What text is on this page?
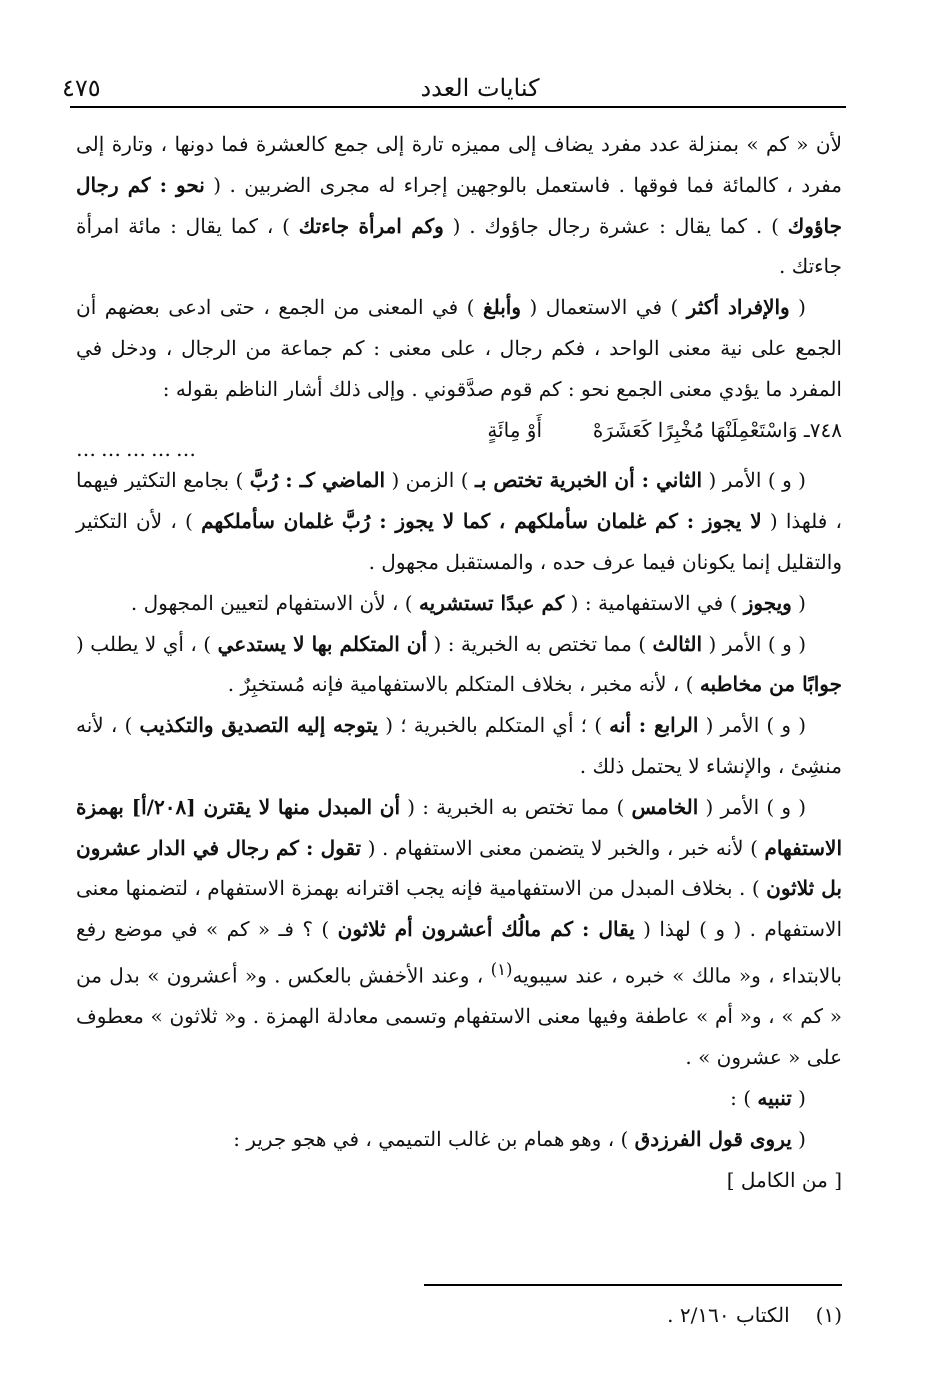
٤٧٥	كنايات العدد

لأن « كم » بمنزلة عدد مفرد يضاف إلى مميزه تارة إلى جمع كالعشرة فما دونها ، وتارة إلى مفرد ، كالمائة فما فوقها . فاستعمل بالوجهين إجراء له مجرى الضربين . ( نحو : كم رجال جاؤوك ) . كما يقال : عشرة رجال جاؤوك . ( وكم امرأة جاءتك ) ، كما يقال : مائة امرأة جاءتك .

( والإفراد أكثر ) في الاستعمال ( وأبلغ ) في المعنى من الجمع ، حتى ادعى بعضهم أن الجمع على نية معنى الواحد ، فكم رجال ، على معنى : كم جماعة من الرجال ، ودخل في المفرد ما يؤدي معنى الجمع نحو : كم قوم صدَّقوني . وإلى ذلك أشار الناظم بقوله :

٧٤٨ـ وَاسْتَعْمِلَنْهَا مُخْبِرًا كَعَشَرَهْ
أَوْ مِائَةٍ
……………

( و ) الأمر ( الثاني : أن الخبرية تختص بـ ) الزمن ( الماضي كـ : رُبَّ ) بجامع التكثير فيهما ، فلهذا ( لا يجوز : كم غلمان سأملكهم ، كما لا يجوز : رُبَّ غلمان سأملكهم ) ، لأن التكثير والتقليل إنما يكونان فيما عرف حده ، والمستقبل مجهول .

( ويجوز ) في الاستفهامية : ( كم عبدًا تستشريه ) ، لأن الاستفهام لتعيين المجهول .

( و ) الأمر ( الثالث ) مما تختص به الخبرية : ( أن المتكلم بها لا يستدعي ) ، أي لا يطلب ( جوابًا من مخاطبه ) ، لأنه مخبر ، بخلاف المتكلم بالاستفهامية فإنه مُستخبِرٌ .

( و ) الأمر ( الرابع : أنه ) ؛ أي المتكلم بالخبرية ؛ ( يتوجه إليه التصديق والتكذيب ) ، لأنه منشِئ ، والإنشاء لا يحتمل ذلك .

( و ) الأمر ( الخامس ) مما تختص به الخبرية : ( أن المبدل منها لا يقترن [٢٠٨/أ] بهمزة الاستفهام ) لأنه خبر ، والخبر لا يتضمن معنى الاستفهام . ( تقول : كم رجال في الدار عشرون بل ثلاثون ) . بخلاف المبدل من الاستفهامية فإنه يجب اقترانه بهمزة الاستفهام ، لتضمنها معنى الاستفهام . ( و ) لهذا ( يقال : كم مالُك أعشرون أم ثلاثون ) ؟ فـ « كم » في موضع رفع بالابتداء ، و« مالك » خبره ، عند سيبويه$^{(١)}$ ، وعند الأخفش بالعكس . و« أعشرون » بدل من « كم » ، و« أم » عاطفة وفيها معنى الاستفهام وتسمى معادلة الهمزة . و« ثلاثون » معطوف على « عشرون » .

( تنبيه ) :

( يروى قول الفرزدق ) ، وهو همام بن غالب التميمي ، في هجو جرير :

[ من الكامل ]

(١)الكتاب ٢/١٦٠ .
